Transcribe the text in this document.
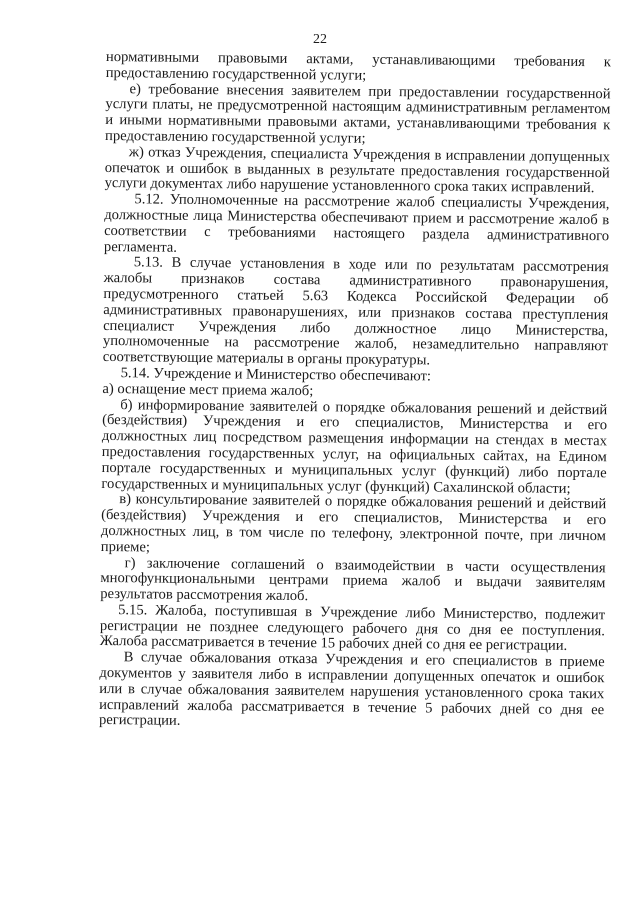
22

нормативными правовыми актами, устанавливающими требования к предоставлению государственной услуги;

е) требование внесения заявителем при предоставлении государственной услуги платы, не предусмотренной настоящим административным регламентом и иными нормативными правовыми актами, устанавливающими требования к предоставлению государственной услуги;

ж) отказ Учреждения, специалиста Учреждения в исправлении допущенных опечаток и ошибок в выданных в результате предоставления государственной услуги документах либо нарушение установленного срока таких исправлений.

5.12. Уполномоченные на рассмотрение жалоб специалисты Учреждения, должностные лица Министерства обеспечивают прием и рассмотрение жалоб в соответствии с требованиями настоящего раздела административного регламента.

5.13. В случае установления в ходе или по результатам рассмотрения жалобы признаков состава административного правонарушения, предусмотренного статьей 5.63 Кодекса Российской Федерации об административных правонарушениях, или признаков состава преступления специалист Учреждения либо должностное лицо Министерства, уполномоченные на рассмотрение жалоб, незамедлительно направляют соответствующие материалы в органы прокуратуры.

5.14. Учреждение и Министерство обеспечивают:

а) оснащение мест приема жалоб;

б) информирование заявителей о порядке обжалования решений и действий (бездействия) Учреждения и его специалистов, Министерства и его должностных лиц посредством размещения информации на стендах в местах предоставления государственных услуг, на официальных сайтах, на Едином портале государственных и муниципальных услуг (функций) либо портале государственных и муниципальных услуг (функций) Сахалинской области;

в) консультирование заявителей о порядке обжалования решений и действий (бездействия) Учреждения и его специалистов, Министерства и его должностных лиц, в том числе по телефону, электронной почте, при личном приеме;

г) заключение соглашений о взаимодействии в части осуществления многофункциональными центрами приема жалоб и выдачи заявителям результатов рассмотрения жалоб.

5.15. Жалоба, поступившая в Учреждение либо Министерство, подлежит регистрации не позднее следующего рабочего дня со дня ее поступления. Жалоба рассматривается в течение 15 рабочих дней со дня ее регистрации.

В случае обжалования отказа Учреждения и его специалистов в приеме документов у заявителя либо в исправлении допущенных опечаток и ошибок или в случае обжалования заявителем нарушения установленного срока таких исправлений жалоба рассматривается в течение 5 рабочих дней со дня ее регистрации.
